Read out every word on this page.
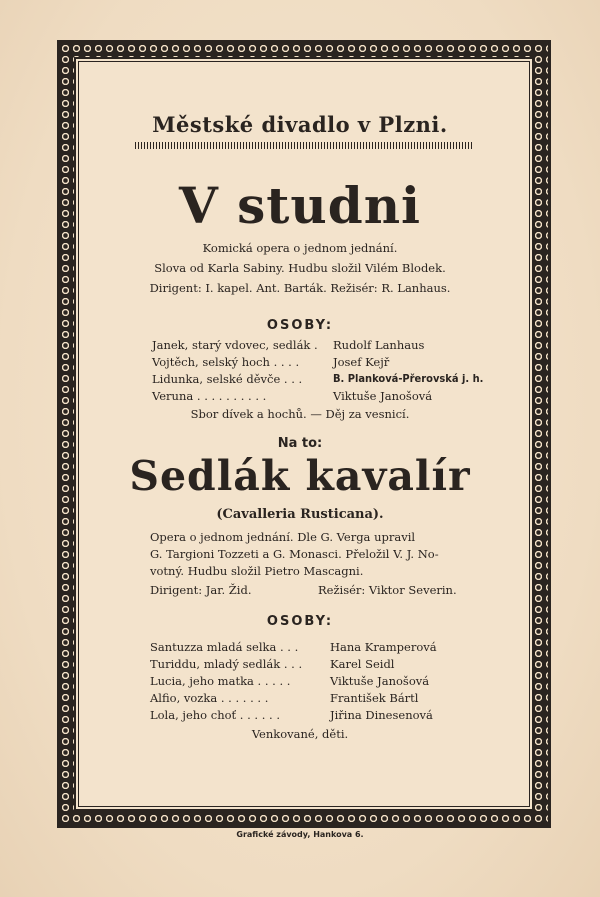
Městské divadlo v Plzni.
V studni
Komická opera o jednom jednání.
Slova od Karla Sabiny. Hudbu složil Vilém Blodek.
Dirigent: I. kapel. Ant. Barták. Režisér: R. Lanhaus.
OSOBY:
Janek, starý vdovec, sedlák . Rudolf Lanhaus
Vojtěch, selský hoch . . . .	Josef Kejř
Lidunka, selské děvče . . .	B. Planková-Přerovská j. h.
Veruna . . . . . . . . . .	Viktuše Janošová
Sbor dívek a hochů. — Děj za vesnicí.
Na to:
Sedlák kavalír
(Cavalleria Rusticana).
Opera o jednom jednání. Dle G. Verga upravil
G. Targioni Tozzeti a G. Monasci. Přeložil V. J. No-
votný. Hudbu složil Pietro Mascagni.
Dirigent: Jar. Žid.	Režisér: Viktor Severin.
OSOBY:
Santuzza mladá selka . . .	Hana Kramperová
Turiddu, mladý sedlák . . . Karel Seidl
Lucia, jeho matka . . . . .	Viktuše Janošová
Alfio, vozka . . . . . . .	František Bártl
Lola, jeho choť . . . . . .	Jiřina Dinesenová
Venkované, děti.
Grafické závody, Hankova 6.
